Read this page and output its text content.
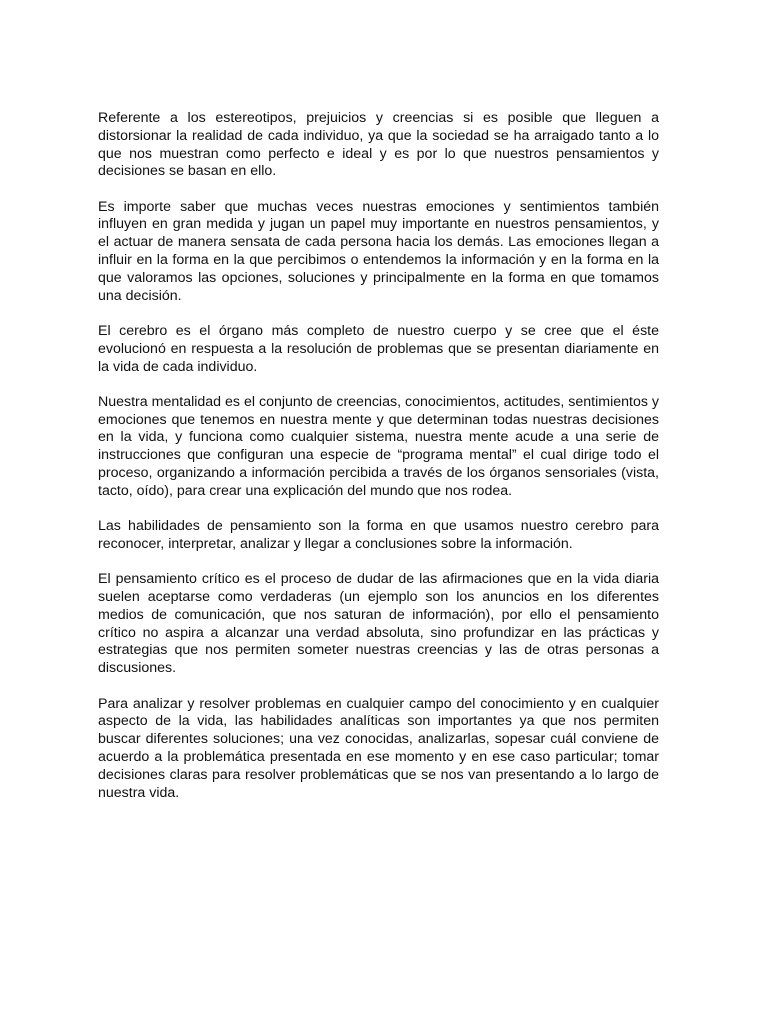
Referente a los estereotipos, prejuicios y creencias si es posible que lleguen a distorsionar la realidad de cada individuo, ya que la sociedad se ha arraigado tanto a lo que nos muestran como perfecto e ideal y es por lo que nuestros pensamientos y decisiones se basan en ello.

Es importe saber que muchas veces nuestras emociones y sentimientos también influyen en gran medida y jugan un papel muy importante en nuestros pensamientos, y el actuar de manera sensata de cada persona hacia los demás. Las emociones llegan a influir en la forma en la que percibimos o entendemos la información y en la forma en la que valoramos las opciones, soluciones y principalmente en la forma en que tomamos una decisión.

El cerebro es el órgano más completo de nuestro cuerpo y se cree que el éste evolucionó en respuesta a la resolución de problemas que se presentan diariamente en la vida de cada individuo.

Nuestra mentalidad es el conjunto de creencias, conocimientos, actitudes, sentimientos y emociones que tenemos en nuestra mente y que determinan todas nuestras decisiones en la vida, y funciona como cualquier sistema, nuestra mente acude a una serie de instrucciones que configuran una especie de “programa mental” el cual dirige todo el proceso, organizando a información percibida a través de los órganos sensoriales (vista, tacto, oído), para crear una explicación del mundo que nos rodea.

Las habilidades de pensamiento son la forma en que usamos nuestro cerebro para reconocer, interpretar, analizar y llegar a conclusiones sobre la información.

El pensamiento crítico es el proceso de dudar de las afirmaciones que en la vida diaria suelen aceptarse como verdaderas (un ejemplo son los anuncios en los diferentes medios de comunicación, que nos saturan de información), por ello el pensamiento crítico no aspira a alcanzar una verdad absoluta, sino profundizar en las prácticas y estrategias que nos permiten someter nuestras creencias y las de otras personas a discusiones.

Para analizar y resolver problemas en cualquier campo del conocimiento y en cualquier aspecto de la vida, las habilidades analíticas son importantes ya que nos permiten buscar diferentes soluciones; una vez conocidas, analizarlas, sopesar cuál conviene de acuerdo a la problemática presentada en ese momento y en ese caso particular; tomar decisiones claras para resolver problemáticas que se nos van presentando a lo largo de nuestra vida.
